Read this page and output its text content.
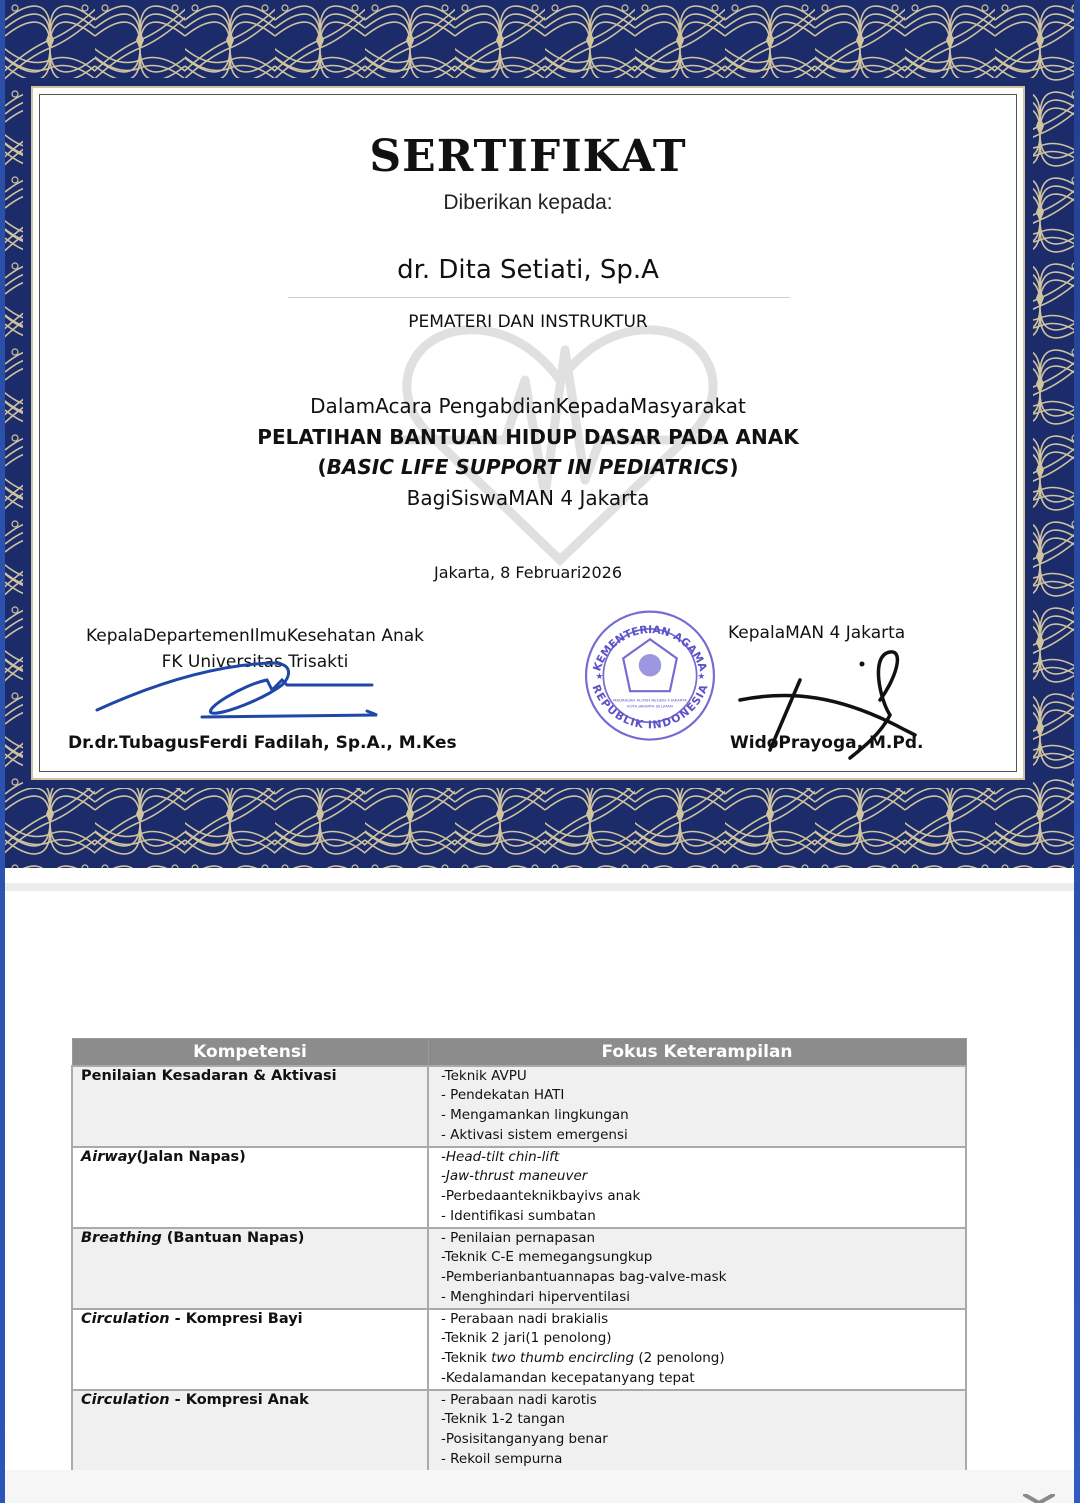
SERTIFIKAT
Diberikan kepada:
dr. Dita Setiati, Sp.A
PEMATERI DAN INSTRUKTUR
DalamAcara PengabdianKepadaMasyarakat
PELATIHAN BANTUAN HIDUP DASAR PADA ANAK
(BASIC LIFE SUPPORT IN PEDIATRICS)
BagiSiswaMAN 4 Jakarta
Jakarta, 8 Februari2026
KepalaDepartemenIlmuKesehatan Anak
FK Universitas Trisakti
Dr.dr.TubagusFerdi Fadilah, Sp.A., M.Kes
KEMENTERIAN AGAMA
REPUBLIK INDONESIA
★	★
MADRASAH ALIYAH NEGERI 4 JAKARTA
KOTA JAKARTA SELATAN
KepalaMAN 4 Jakarta
WidoPrayoga, M.Pd.
Kompetensi	Fokus Keterampilan
Penilaian Kesadaran & Aktivasi	-Teknik AVPU
- Pendekatan HATI
- Mengamankan lingkungan
- Aktivasi sistem emergensi

Airway(Jalan Napas)	-Head-tilt chin-lift
-Jaw-thrust maneuver
-Perbedaanteknikbayivs anak
- Identifikasi sumbatan

Breathing (Bantuan Napas)	- Penilaian pernapasan
-Teknik C-E memegangsungkup
-Pemberianbantuannapas bag-valve-mask
- Menghindari hiperventilasi

Circulation - Kompresi Bayi	- Perabaan nadi brakialis
-Teknik 2 jari(1 penolong)
-Teknik two thumb encircling (2 penolong)
-Kedalamandan kecepatanyang tepat

Circulation - Kompresi Anak	- Perabaan nadi karotis
-Teknik 1-2 tangan
-Posisitanganyang benar
- Rekoil sempurna
